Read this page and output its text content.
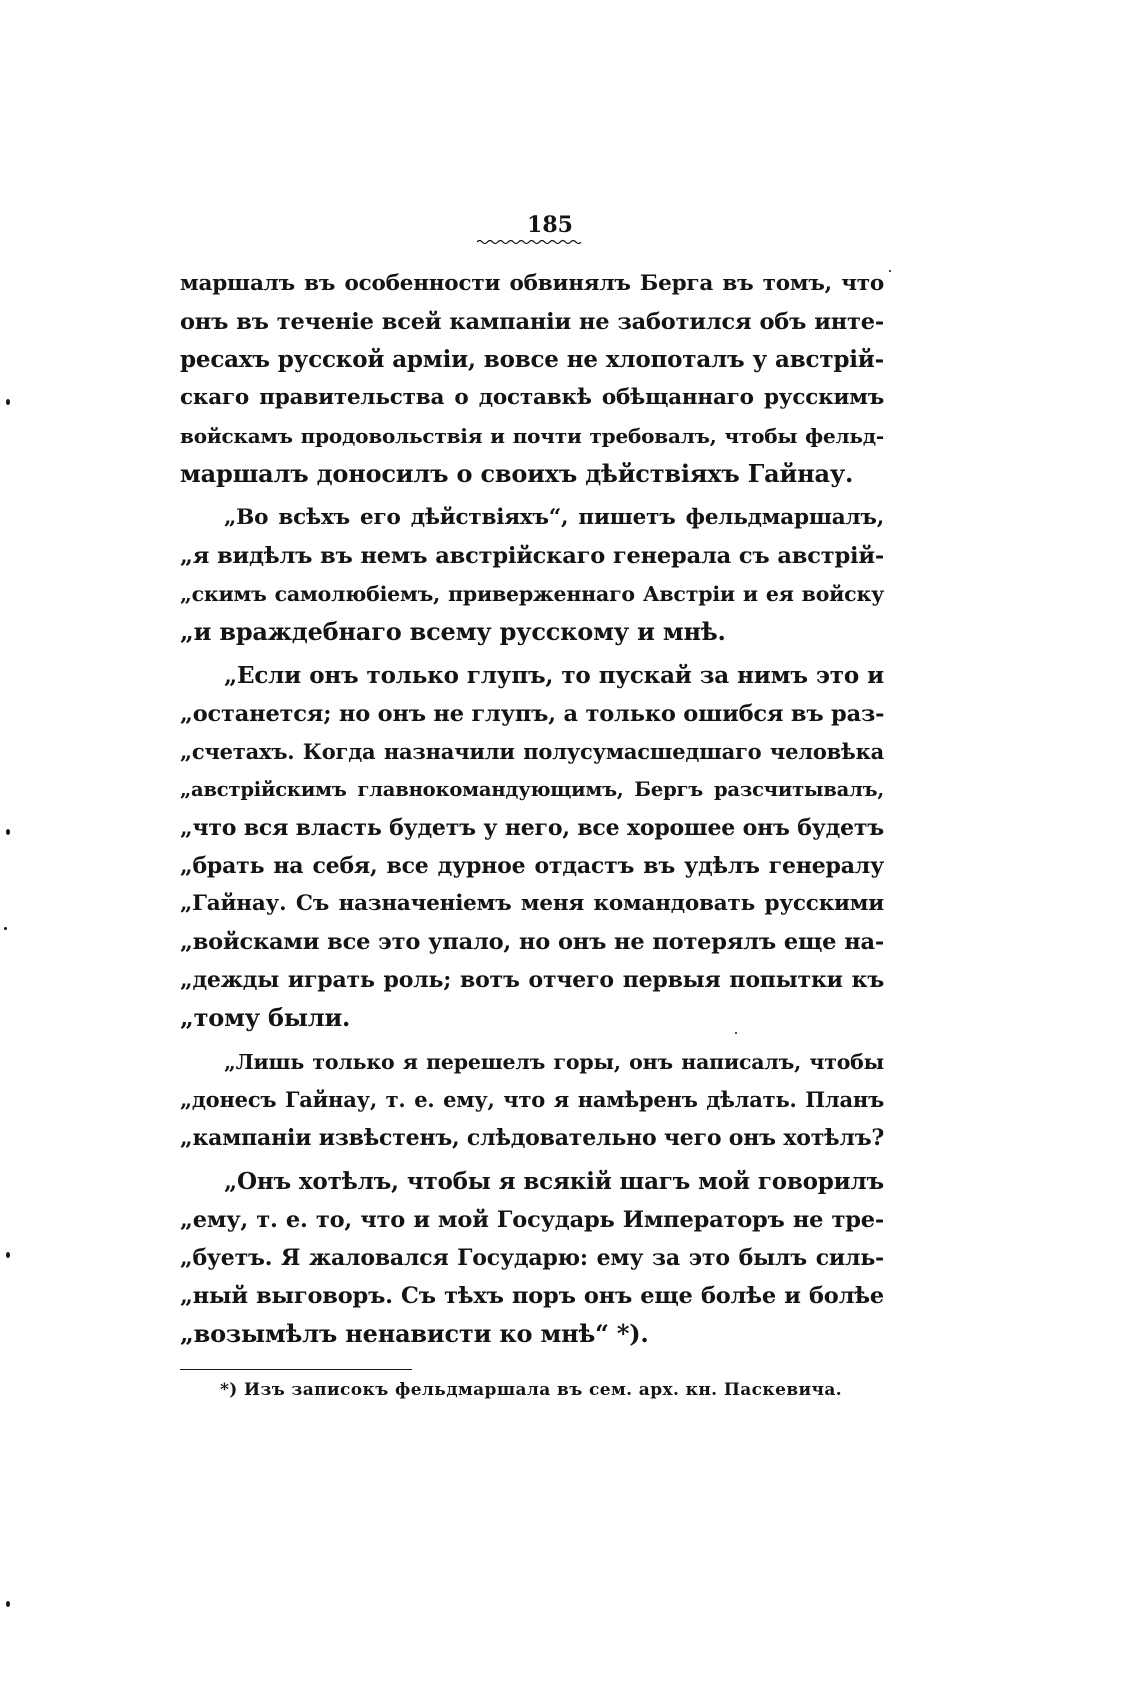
185
маршалъ въ особенности обвинялъ Берга въ томъ, что
онъ въ теченіе всей кампаніи не заботился объ инте-
ресахъ русской арміи, вовсе не хлопоталъ у австрій-
скаго правительства о доставкѣ обѣщаннаго русскимъ
войскамъ продовольствія и почти требовалъ, чтобы фельд-
маршалъ доносилъ о своихъ дѣйствіяхъ Гайнау.
„Во всѣхъ его дѣйствіяхъ“, пишетъ фельдмаршалъ,
„я видѣлъ въ немъ австрійскаго генерала съ австрій-
„скимъ самолюбіемъ, приверженнаго Австріи и ея войску
„и враждебнаго всему русскому и мнѣ.
„Если онъ только глупъ, то пускай за нимъ это и
„останется; но онъ не глупъ, а только ошибся въ раз-
„счетахъ. Когда назначили полусумасшедшаго человѣка
„австрійскимъ главнокомандующимъ, Бергъ разсчитывалъ,
„что вся власть будетъ у него, все хорошее онъ будетъ
„брать на себя, все дурное отдастъ въ удѣлъ генералу
„Гайнау. Съ назначеніемъ меня командовать русскими
„войсками все это упало, но онъ не потерялъ еще на-
„дежды играть роль; вотъ отчего первыя попытки къ
„тому были.
„Лишь только я перешелъ горы, онъ написалъ, чтобы
„донесъ Гайнау, т. е. ему, что я намѣренъ дѣлать. Планъ
„кампаніи извѣстенъ, слѣдовательно чего онъ хотѣлъ?
„Онъ хотѣлъ, чтобы я всякій шагъ мой говорилъ
„ему, т. е. то, что и мой Государь Императоръ не тре-
„буетъ. Я жаловался Государю: ему за это былъ силь-
„ный выговоръ. Съ тѣхъ поръ онъ еще болѣе и болѣе
„возымѣлъ ненависти ко мнѣ“ *).
*) Изъ записокъ фельдмаршала въ сем. арх. кн. Паскевича.
